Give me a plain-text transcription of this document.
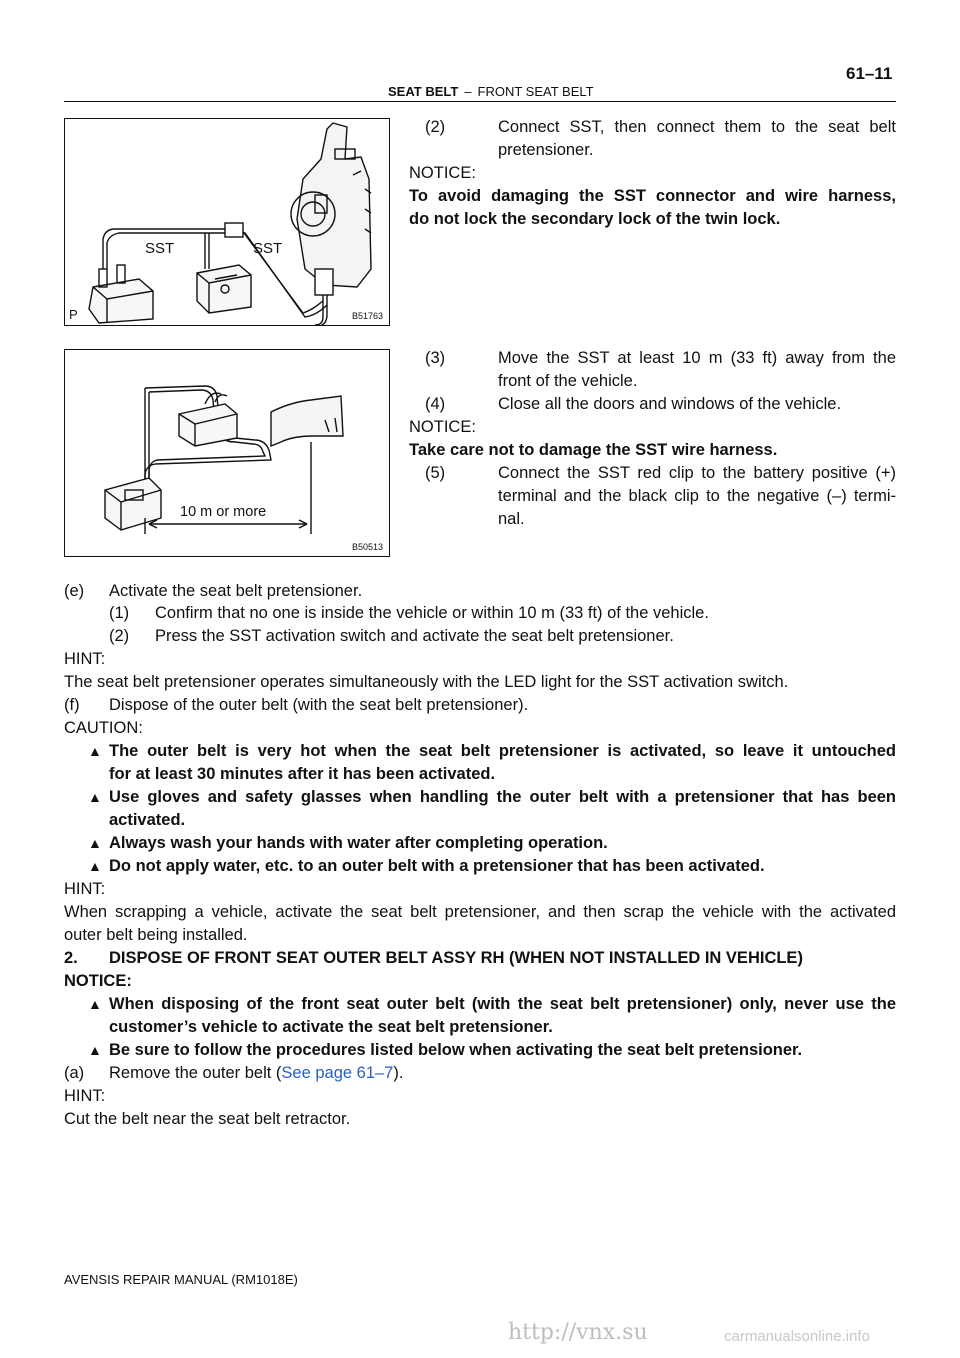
61–11
SEAT BELT – FRONT SEAT BELT
SST	SST
P	B51763
10 m or more
B50513
(2)	Connect SST, then connect them to the seat belt
pretensioner.
NOTICE:
To avoid damaging the SST connector and wire harness,
do not lock the secondary lock of the twin lock.
(3)	Move the SST at least 10 m (33 ft) away from the
front of the vehicle.
(4)	Close all the doors and windows of the vehicle.
NOTICE:
Take care not to damage the SST wire harness.
(5)	Connect the SST red clip to the battery positive (+)
terminal and the black clip to the negative (–) termi-
nal.
(e) Activate the seat belt pretensioner.
(1) Confirm that no one is inside the vehicle or within 10 m (33 ft) of the vehicle.
(2) Press the SST activation switch and activate the seat belt pretensioner.
HINT:
The seat belt pretensioner operates simultaneously with the LED light for the SST activation switch.
(f) Dispose of the outer belt (with the seat belt pretensioner).
CAUTION:
▲ The outer belt is very hot when the seat belt pretensioner is activated, so leave it untouched
for at least 30 minutes after it has been activated.
▲ Use gloves and safety glasses when handling the outer belt with a pretensioner that has been
activated.
▲ Always wash your hands with water after completing operation.
▲ Do not apply water, etc. to an outer belt with a pretensioner that has been activated.
HINT:
When scrapping a vehicle, activate the seat belt pretensioner, and then scrap the vehicle with the activated
outer belt being installed.
2. DISPOSE OF FRONT SEAT OUTER BELT ASSY RH (WHEN NOT INSTALLED IN VEHICLE)
NOTICE:
▲ When disposing of the front seat outer belt (with the seat belt pretensioner) only, never use the
customer’s vehicle to activate the seat belt pretensioner.
▲ Be sure to follow the procedures listed below when activating the seat belt pretensioner.
(a) Remove the outer belt (See page 61–7).
HINT:
Cut the belt near the seat belt retractor.
AVENSIS REPAIR MANUAL (RM1018E)
http://vnx.su	carmanualsonline.info
